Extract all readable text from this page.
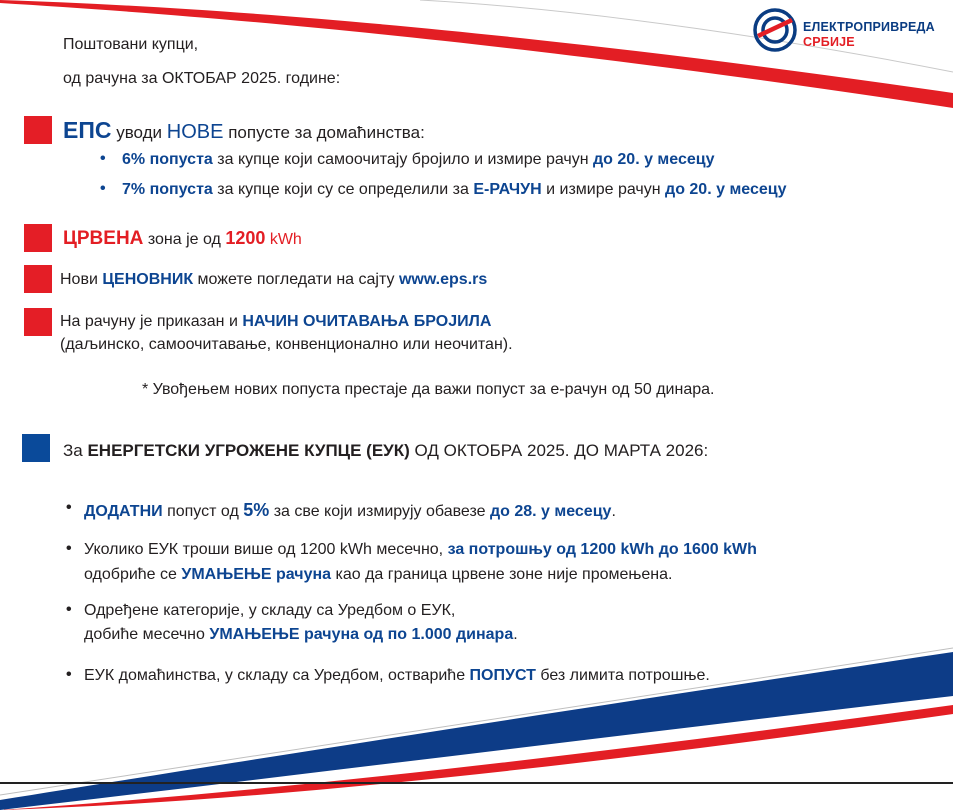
ЕЛЕКТРОПРИВРЕДА
СРБИЈЕ
Поштовани купци,
од рачуна за ОКТОБАР 2025. године:
ЕПС уводи НОВЕ попусте за домаћинства:
• 6% попуста за купце који самоочитају бројило и измире рачун до 20. у месецу
• 7% попуста за купце који су се определили за Е-РАЧУН и измире рачун до 20. у месецу
ЦРВЕНА зона је од 1200 kWh
Нови ЦЕНОВНИК можете погледати на сајту www.eps.rs
На рачуну је приказан и НАЧИН ОЧИТАВАЊА БРОЈИЛА
(даљинско, самоочитавање, конвенционално или неочитан).
* Увођењем нових попуста престаје да важи попуст за е-рачун од 50 динара.
За ЕНЕРГЕТСКИ УГРОЖЕНЕ КУПЦЕ (ЕУК) ОД ОКТОБРА 2025. ДО МАРТА 2026:
• ДОДАТНИ попуст од 5% за све који измирују обавезе до 28. у месецу.
• Уколико ЕУК троши више од 1200 kWh месечно, за потрошњу од 1200 kWh до 1600 kWh
одобриће се УМАЊЕЊЕ рачуна као да граница црвене зоне није промењена.
• Одређене категорије, у складу са Уредбом о ЕУК,
добиће месечно УМАЊЕЊЕ рачуна од по 1.000 динара.
• ЕУК домаћинства, у складу са Уредбом, оствариће ПОПУСТ без лимита потрошње.
